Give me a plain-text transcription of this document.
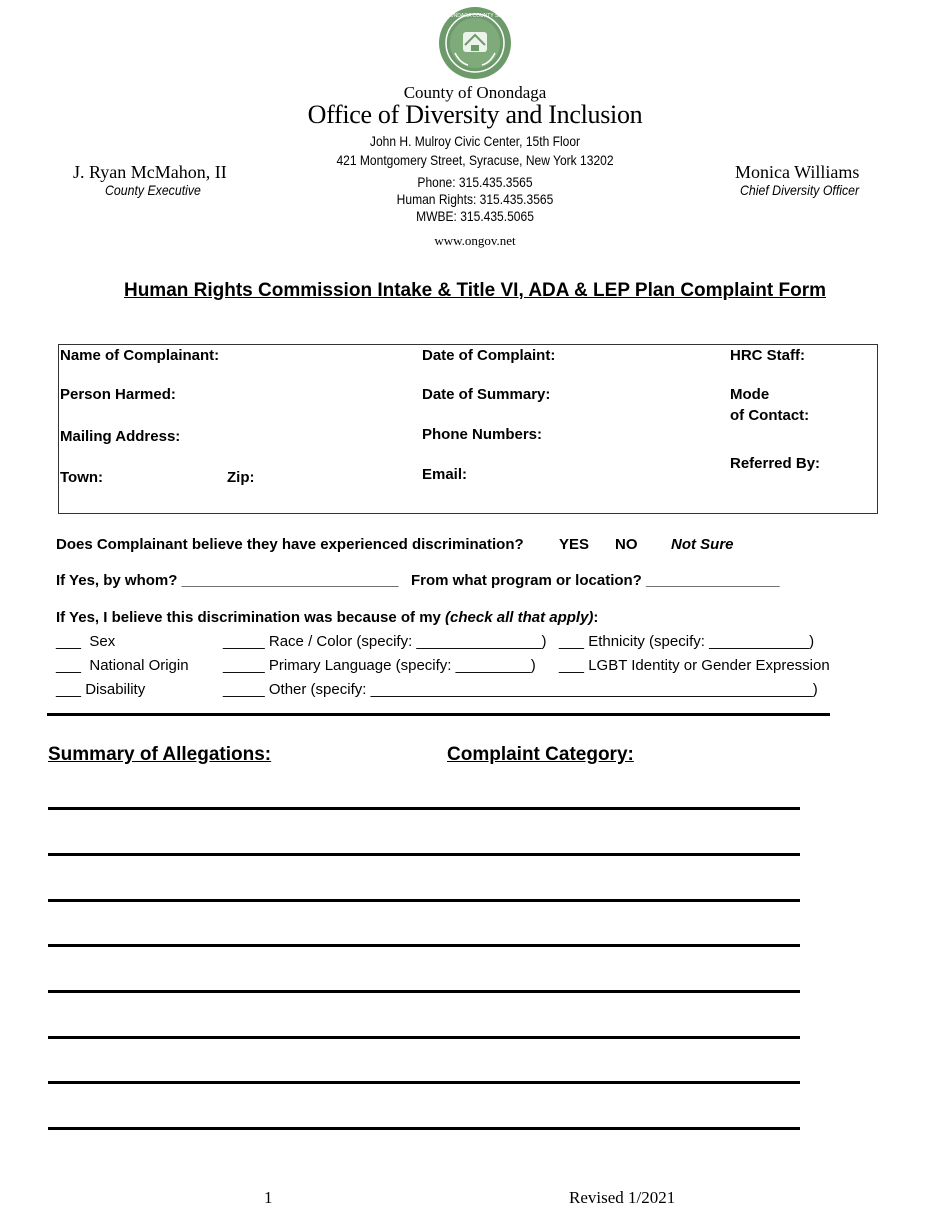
ONONDAGA COUNTY SEAL
County of Onondaga
Office of Diversity and Inclusion
John H. Mulroy Civic Center, 15th Floor
421 Montgomery Street, Syracuse, New York 13202
Phone: 315.435.3565
Human Rights: 315.435.3565
MWBE: 315.435.5065
www.ongov.net
J. Ryan McMahon, II
County Executive
Monica Williams
Chief Diversity Officer
Human Rights Commission Intake & Title VI, ADA & LEP Plan Complaint Form
Name of Complainant:
Person Harmed:
Mailing Address:
Town:	Zip:
Date of Complaint:
Date of Summary:
Phone Numbers:
Email:
HRC Staff:
Mode
of Contact:
Referred By:
Does Complainant believe they have experienced discrimination? YES NO Not Sure
If Yes, by whom? __________________________ From what program or location? ________________
If Yes, I believe this discrimination was because of my (check all that apply):
___  Sex	_____ Race / Color (specify: _______________) ___ Ethnicity (specify: ____________)
___  National Origin _____ Primary Language (specify: _________) ___ LGBT Identity or Gender Expression
___ Disability	_____ Other (specify: _____________________________________________________)
Summary of Allegations:	Complaint Category:
1	Revised 1/2021
